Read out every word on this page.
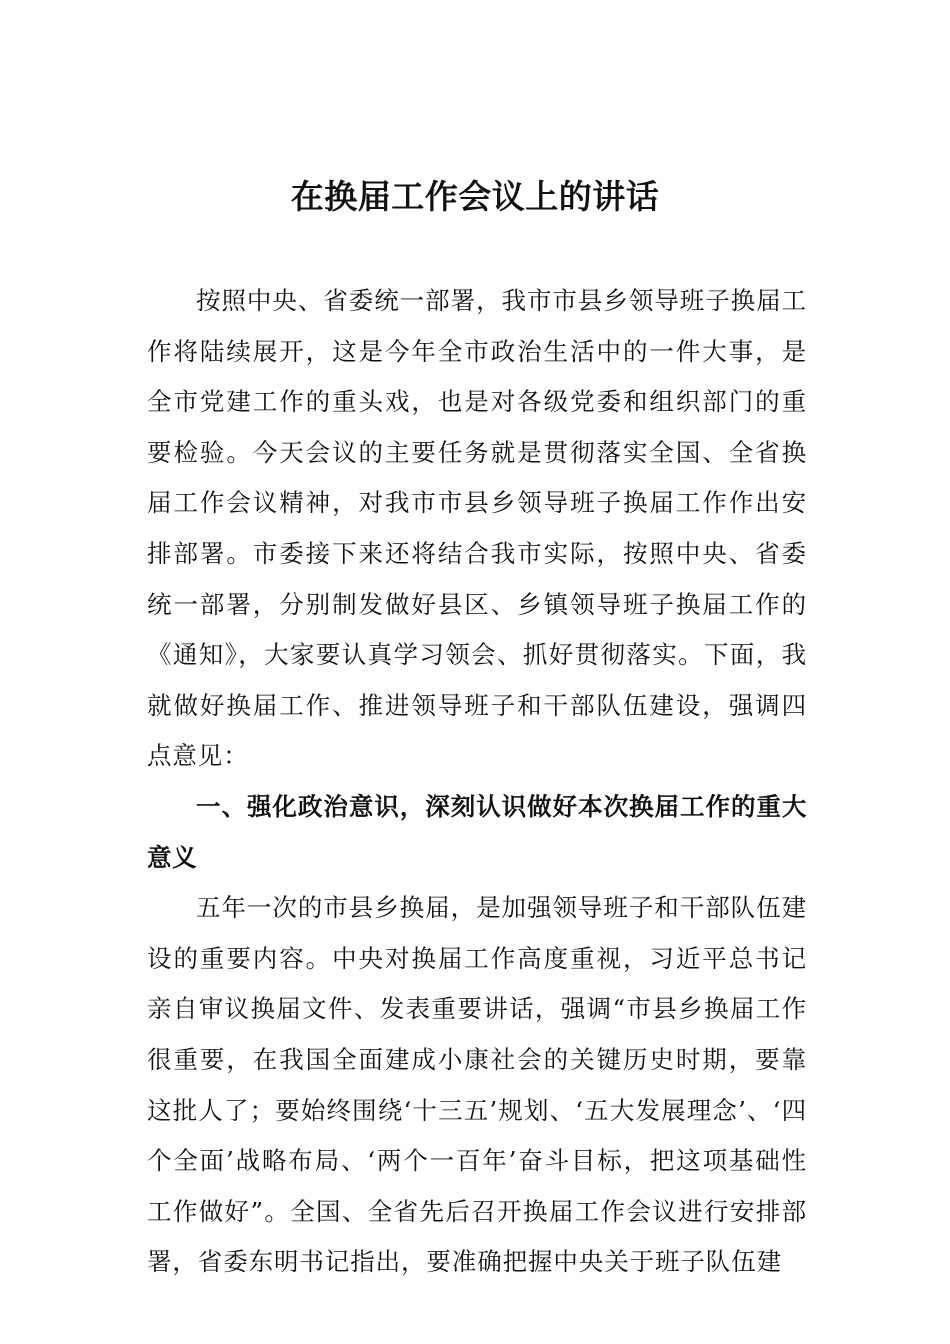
在换届工作会议上的讲话

按照中央、省委统一部署，我市市县乡领导班子换届工作将陆续展开，这是今年全市政治生活中的一件大事，是全市党建工作的重头戏，也是对各级党委和组织部门的重要检验。今天会议的主要任务就是贯彻落实全国、全省换届工作会议精神，对我市市县乡领导班子换届工作作出安排部署。市委接下来还将结合我市实际，按照中央、省委统一部署，分别制发做好县区、乡镇领导班子换届工作的《通知》，大家要认真学习领会、抓好贯彻落实。下面，我就做好换届工作、推进领导班子和干部队伍建设，强调四点意见：

一、强化政治意识，深刻认识做好本次换届工作的重大意义

五年一次的市县乡换届，是加强领导班子和干部队伍建设的重要内容。中央对换届工作高度重视，习近平总书记亲自审议换届文件、发表重要讲话，强调“市县乡换届工作很重要，在我国全面建成小康社会的关键历史时期，要靠这批人了；要始终围绕‘十三五’规划、‘五大发展理念’、‘四个全面’战略布局、‘两个一百年’奋斗目标，把这项基础性工作做好”。全国、全省先后召开换届工作会议进行安排部署，省委东明书记指出，要准确把握中央关于班子队伍建
